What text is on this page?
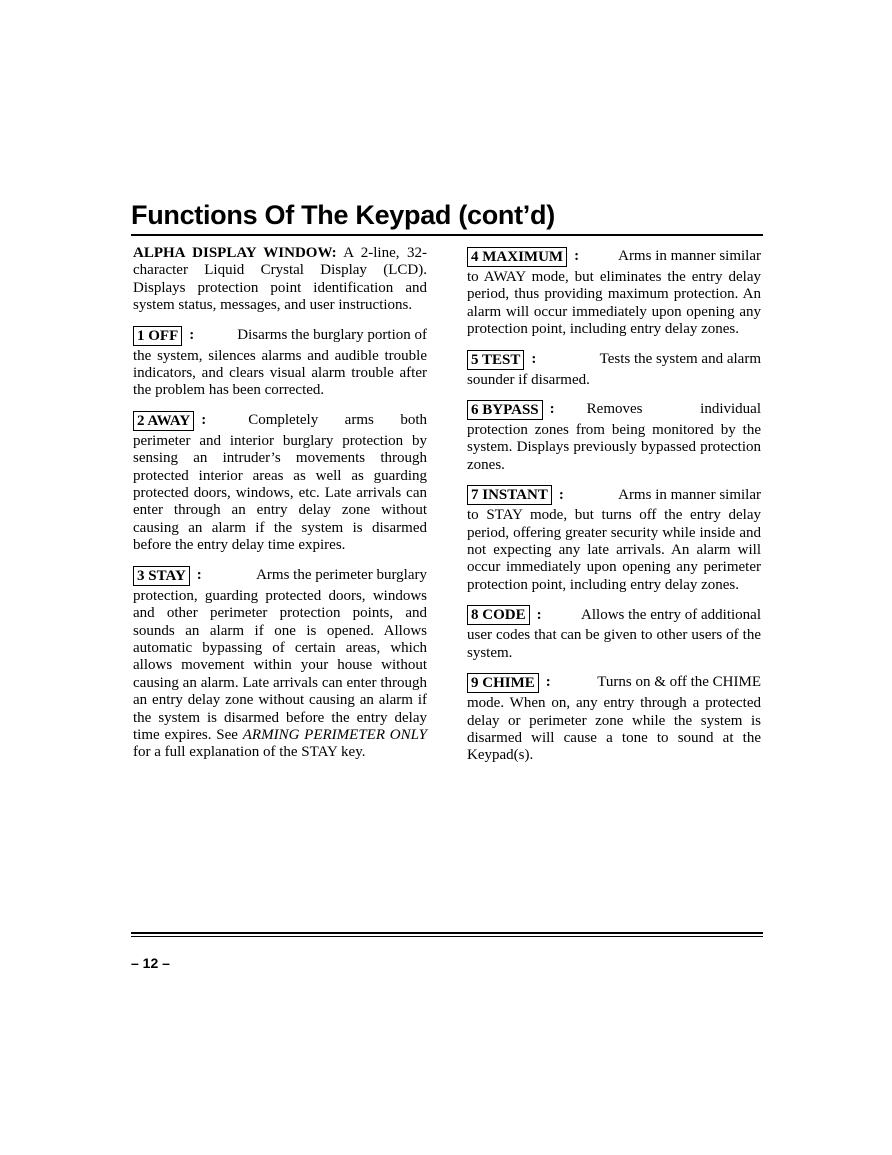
Functions Of The Keypad (cont’d)

ALPHA DISPLAY WINDOW: A 2-line, 32-character Liquid Crystal Display (LCD). Displays protection point identification and system status, messages, and user instructions.

1 OFF :	Disarms the burglary portion of

the system, silences alarms and audible trouble indicators, and clears visual alarm trouble after the problem has been corrected.

2 AWAY :	Completely arms both

perimeter and interior burglary protection by sensing an intruder’s movements through protected interior areas as well as guarding protected doors, windows, etc. Late arrivals can enter through an entry delay zone without causing an alarm if the system is disarmed before the entry delay time expires.

3 STAY :	Arms the perimeter burglary

protection, guarding protected doors, windows and other perimeter protection points, and sounds an alarm if one is opened. Allows automatic bypassing of certain areas, which allows movement within your house without causing an alarm. Late arrivals can enter through an entry delay zone without causing an alarm if the system is disarmed before the entry delay time expires. See ARMING PERIMETER ONLY for a full explanation of the STAY key.

4 MAXIMUM :	Arms in manner similar

to AWAY mode, but eliminates the entry delay period, thus providing maximum protection. An alarm will occur immediately upon opening any protection point, including entry delay zones.

5 TEST :	Tests the system and alarm

sounder if disarmed.

6 BYPASS : Removes individual

protection zones from being monitored by the system. Displays previously bypassed protection zones.

7 INSTANT :	Arms in manner similar

to STAY mode, but turns off the entry delay period, offering greater security while inside and not expecting any late arrivals. An alarm will occur immediately upon opening any perimeter protection point, including entry delay zones.

8 CODE :	Allows the entry of additional

user codes that can be given to other users of the system.

9 CHIME :	Turns on & off the CHIME

mode. When on, any entry through a protected delay or perimeter zone while the system is disarmed will cause a tone to sound at the Keypad(s).

– 12 –
